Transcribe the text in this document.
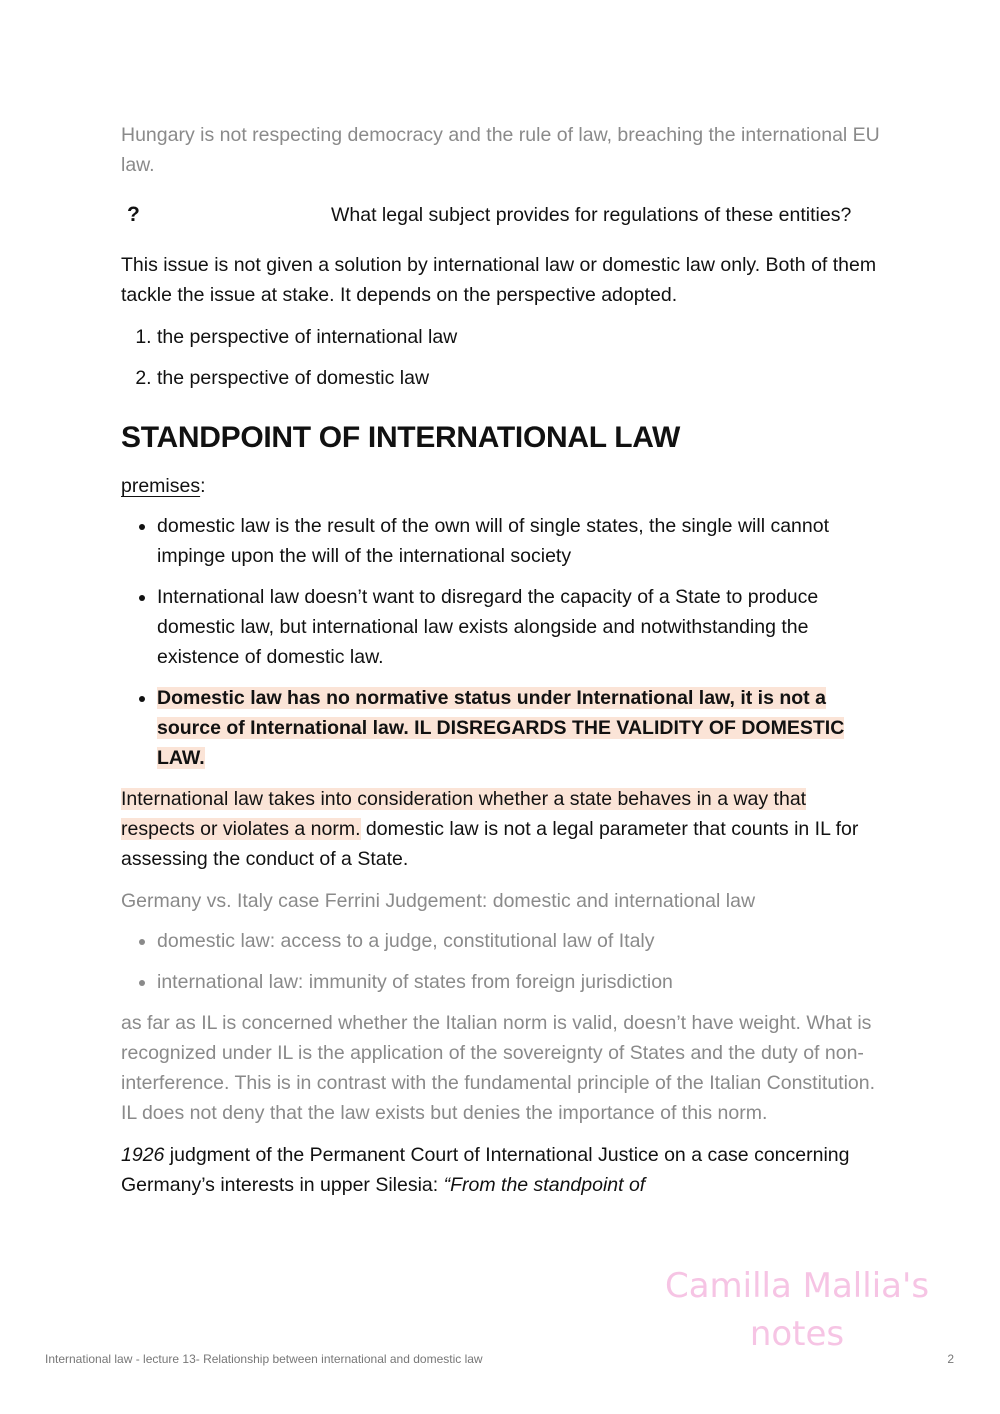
Hungary is not respecting democracy and the rule of law, breaching the international EU law.

?	What legal subject provides for regulations of these entities?

This issue is not given a solution by international law or domestic law only. Both of them tackle the issue at stake. It depends on the perspective adopted.

1. the perspective of international law
2. the perspective of domestic law
STANDPOINT OF INTERNATIONAL LAW

premises:

• domestic law is the result of the own will of single states, the single will cannot impinge upon the will of the international society
• International law doesn’t want to disregard the capacity of a State to produce domestic law, but international law exists alongside and notwithstanding the existence of domestic law.
• Domestic law has no normative status under International law, it is not a source of International law. IL DISREGARDS THE VALIDITY OF DOMESTIC LAW.

International law takes into consideration whether a state behaves in a way that respects or violates a norm. domestic law is not a legal parameter that counts in IL for assessing the conduct of a State.

Germany vs. Italy case Ferrini Judgement: domestic and international law

• domestic law: access to a judge, constitutional law of Italy
• international law: immunity of states from foreign jurisdiction

as far as IL is concerned whether the Italian norm is valid, doesn’t have weight. What is recognized under IL is the application of the sovereignty of States and the duty of non-interference. This is in contrast with the fundamental principle of the Italian Constitution. IL does not deny that the law exists but denies the importance of this norm.

1926 judgment of the Permanent Court of International Justice on a case concerning Germany’s interests in upper Silesia: “From the standpoint of

Camilla Mallia's notes
International law - lecture 13- Relationship between international and domestic law	2
